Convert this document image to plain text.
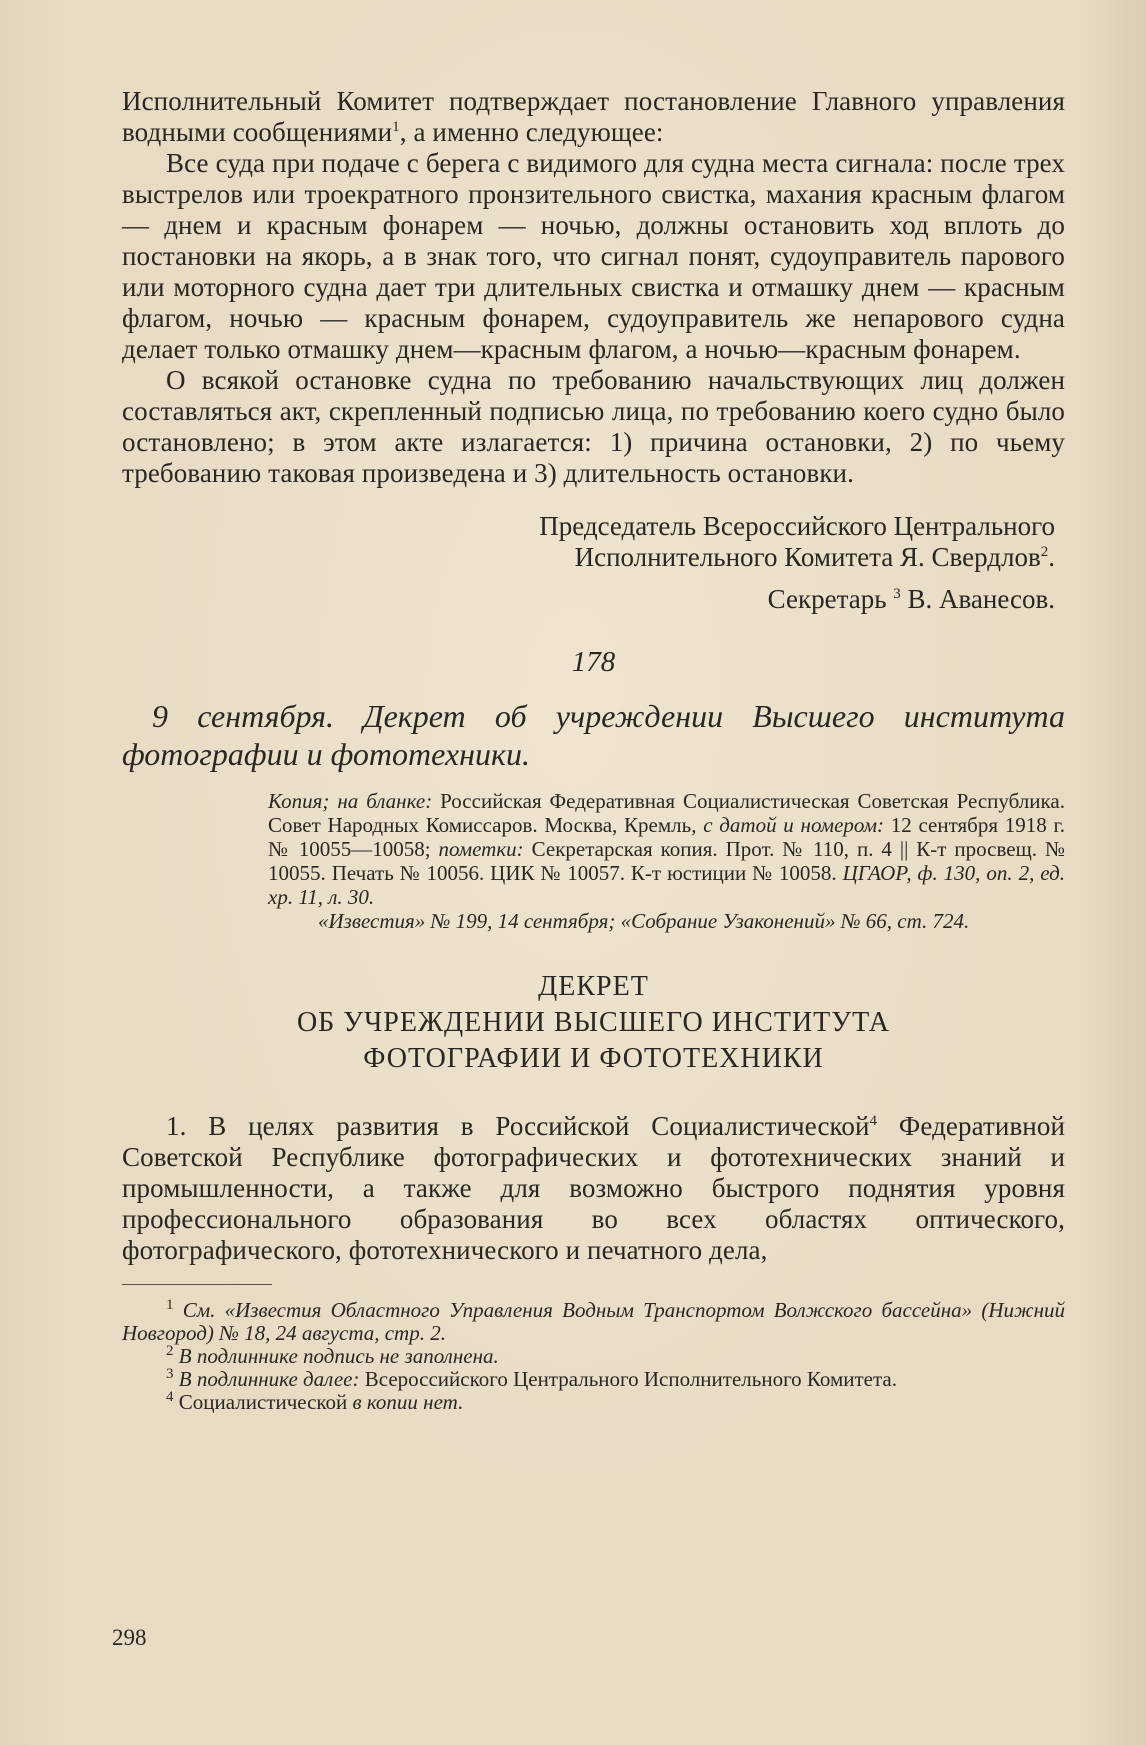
Исполнительный Комитет подтверждает постановление Главного управления водными сообщениями$^1$, а именно следующее:

Все суда при подаче с берега с видимого для судна места сигнала: после трех выстрелов или троекратного пронзительного свистка, махания красным флагом — днем и красным фонарем — ночью, должны остановить ход вплоть до постановки на якорь, а в знак того, что сигнал понят, судоуправитель парового или моторного судна дает три длительных свистка и отмашку днем — красным флагом, ночью — красным фонарем, судоуправитель же непарового судна делает только отмашку днем—красным флагом, а ночью—красным фонарем.

О всякой остановке судна по требованию начальствующих лиц должен составляться акт, скрепленный подписью лица, по требованию коего судно было остановлено; в этом акте излагается: 1) причина остановки, 2) по чьему требованию таковая произведена и 3) длительность остановки.

Председатель Всероссийского Центрального
Исполнительного Комитета Я. Свердлов$^2$.
Секретарь $^3$ В. Аванесов.
178
9 сентября. Декрет об учреждении Высшего института фотографии и фототехники.
Копия; на бланке: Российская Федеративная Социалистическая Советская Республика. Совет Народных Комиссаров. Москва, Кремль, с датой и номером: 12 сентября 1918 г. № 10055—10058; пометки: Секретарская копия. Прот. № 110, п. 4 || К-т просвещ. № 10055. Печать № 10056. ЦИК № 10057. К-т юстиции № 10058. ЦГАОР, ф. 130, оп. 2, ед. хр. 11, л. 30.
«Известия» № 199, 14 сентября; «Собрание Узаконений» № 66, ст. 724.
ДЕКРЕТ
ОБ УЧРЕЖДЕНИИ ВЫСШЕГО ИНСТИТУТА
ФОТОГРАФИИ И ФОТОТЕХНИКИ

1. В целях развития в Российской Социалистической$^4$ Федеративной Советской Республике фотографических и фототехнических знаний и промышленности, а также для возможно быстрого поднятия уровня профессионального образования во всех областях оптического, фотографического, фототехнического и печатного дела,

$^1$ См. «Известия Областного Управления Водным Транспортом Волжского бассейна» (Нижний Новгород) № 18, 24 августа, стр. 2.
$^2$ В подлиннике подпись не заполнена.
$^3$ В подлиннике далее: Всероссийского Центрального Исполнительного Комитета.
$^4$ Социалистической в копии нет.
298
